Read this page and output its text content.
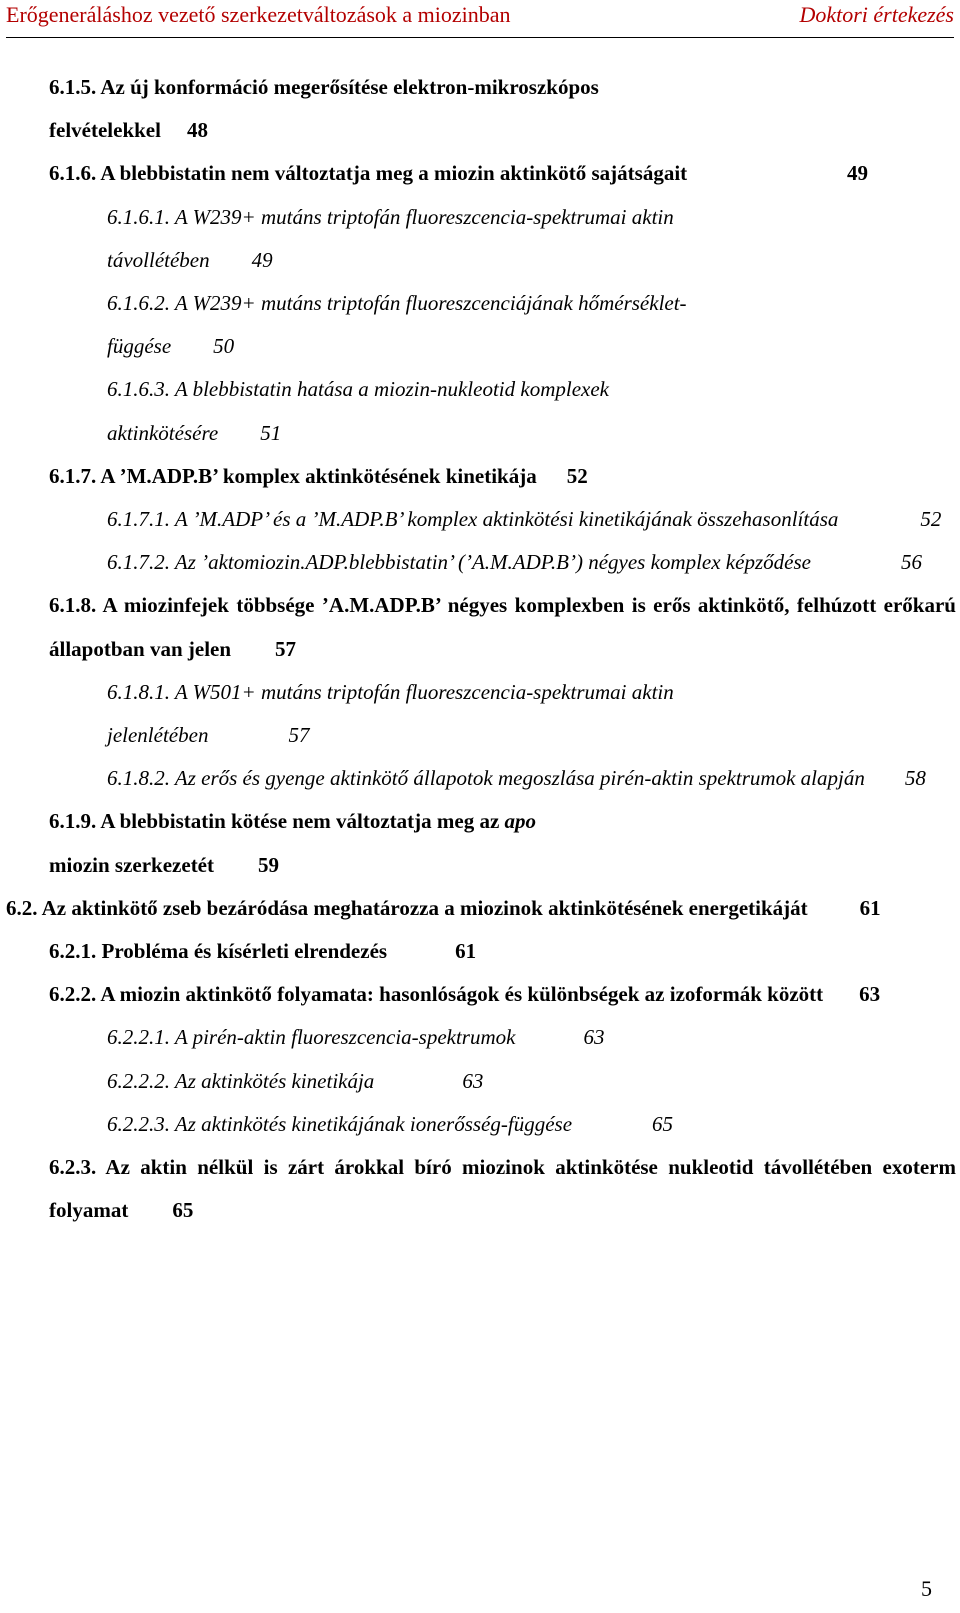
Erőgeneráláshoz vezető szerkezetváltozások a miozinban	Doktori értekezés

6.1.5. Az új konformáció megerősítése elektron-mikroszkópos felvételekkel 48

6.1.6. A blebbistatin nem változtatja meg a miozin aktinkötő sajátságait	49

6.1.6.1. A W239+ mutáns triptofán fluoreszcencia-spektrumai aktin távollétében 49

6.1.6.2. A W239+ mutáns triptofán fluoreszcenciájának hőmérséklet-függése 50

6.1.6.3. A blebbistatin hatása a miozin-nukleotid komplexek aktinkötésére 51

6.1.7. A ’M.ADP.B’ komplex aktinkötésének kinetikája 52

6.1.7.1. A ’M.ADP’ és a ’M.ADP.B’ komplex aktinkötési kinetikájának összehasonlítása	52

6.1.7.2. Az ’aktomiozin.ADP.blebbistatin’ (’A.M.ADP.B’) négyes komplex képződése	56

6.1.8. A miozinfejek többsége ’A.M.ADP.B’ négyes komplexben is erős aktinkötő, felhúzott erőkarú állapotban van jelen 57

6.1.8.1. A W501+ mutáns triptofán fluoreszcencia-spektrumai aktin jelenlétében	57

6.1.8.2. Az erős és gyenge aktinkötő állapotok megoszlása pirén-aktin spektrumok alapján 58

6.1.9. A blebbistatin kötése nem változtatja meg az apo miozin szerkezetét 59

6.2. Az aktinkötő zseb bezáródása meghatározza a miozinok aktinkötésének energetikáját 61

6.2.1. Probléma és kísérleti elrendezés	61

6.2.2. A miozin aktinkötő folyamata: hasonlóságok és különbségek az izoformák között 63

6.2.2.1. A pirén-aktin fluoreszcencia-spektrumok	63

6.2.2.2. Az aktinkötés kinetikája	63

6.2.2.3. Az aktinkötés kinetikájának ionerősség-függése	65

6.2.3. Az aktin nélkül is zárt árokkal bíró miozinok aktinkötése nukleotid távollétében exoterm folyamat 65

5
